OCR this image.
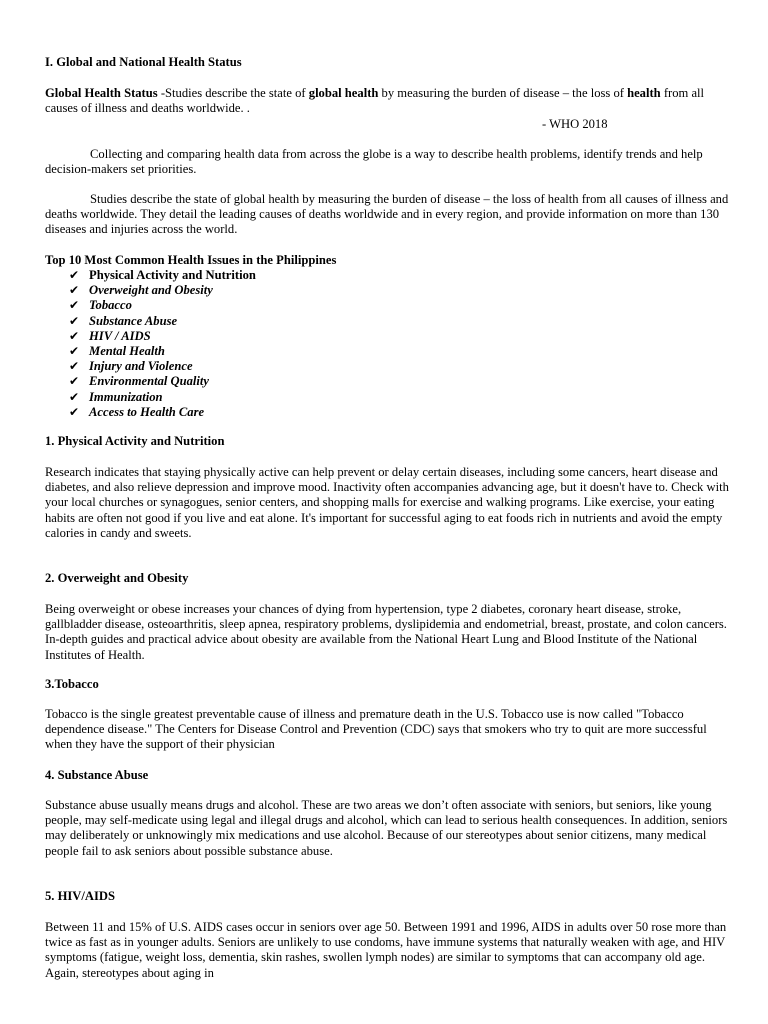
I. Global and National Health Status

Global Health Status -Studies describe the state of global health by measuring the burden of disease – the loss of health from all causes of illness and deaths worldwide. .

- WHO 2018

Collecting and comparing health data from across the globe is a way to describe health problems, identify trends and help decision-makers set priorities.

Studies describe the state of global health by measuring the burden of disease – the loss of health from all causes of illness and deaths worldwide. They detail the leading causes of deaths worldwide and in every region, and provide information on more than 130 diseases and injuries across the world.

Top 10 Most Common Health Issues in the Philippines

✔ Physical Activity and Nutrition
✔ Overweight and Obesity
✔ Tobacco
✔ Substance Abuse
✔ HIV / AIDS
✔ Mental Health
✔ Injury and Violence
✔ Environmental Quality
✔ Immunization
✔ Access to Health Care

1. Physical Activity and Nutrition

Research indicates that staying physically active can help prevent or delay certain diseases, including some cancers, heart disease and diabetes, and also relieve depression and improve mood. Inactivity often accompanies advancing age, but it doesn't have to. Check with your local churches or synagogues, senior centers, and shopping malls for exercise and walking programs. Like exercise, your eating habits are often not good if you live and eat alone. It's important for successful aging to eat foods rich in nutrients and avoid the empty calories in candy and sweets.

2. Overweight and Obesity

Being overweight or obese increases your chances of dying from hypertension, type 2 diabetes, coronary heart disease, stroke, gallbladder disease, osteoarthritis, sleep apnea, respiratory problems, dyslipidemia and endometrial, breast, prostate, and colon cancers. In-depth guides and practical advice about obesity are available from the National Heart Lung and Blood Institute of the National Institutes of Health.

3.Tobacco

Tobacco is the single greatest preventable cause of illness and premature death in the U.S. Tobacco use is now called "Tobacco dependence disease." The Centers for Disease Control and Prevention (CDC) says that smokers who try to quit are more successful when they have the support of their physician

4. Substance Abuse

Substance abuse usually means drugs and alcohol. These are two areas we don’t often associate with seniors, but seniors, like young people, may self-medicate using legal and illegal drugs and alcohol, which can lead to serious health consequences. In addition, seniors may deliberately or unknowingly mix medications and use alcohol. Because of our stereotypes about senior citizens, many medical people fail to ask seniors about possible substance abuse.

5. HIV/AIDS

Between 11 and 15% of U.S. AIDS cases occur in seniors over age 50. Between 1991 and 1996, AIDS in adults over 50 rose more than twice as fast as in younger adults. Seniors are unlikely to use condoms, have immune systems that naturally weaken with age, and HIV symptoms (fatigue, weight loss, dementia, skin rashes, swollen lymph nodes) are similar to symptoms that can accompany old age. Again, stereotypes about aging in
